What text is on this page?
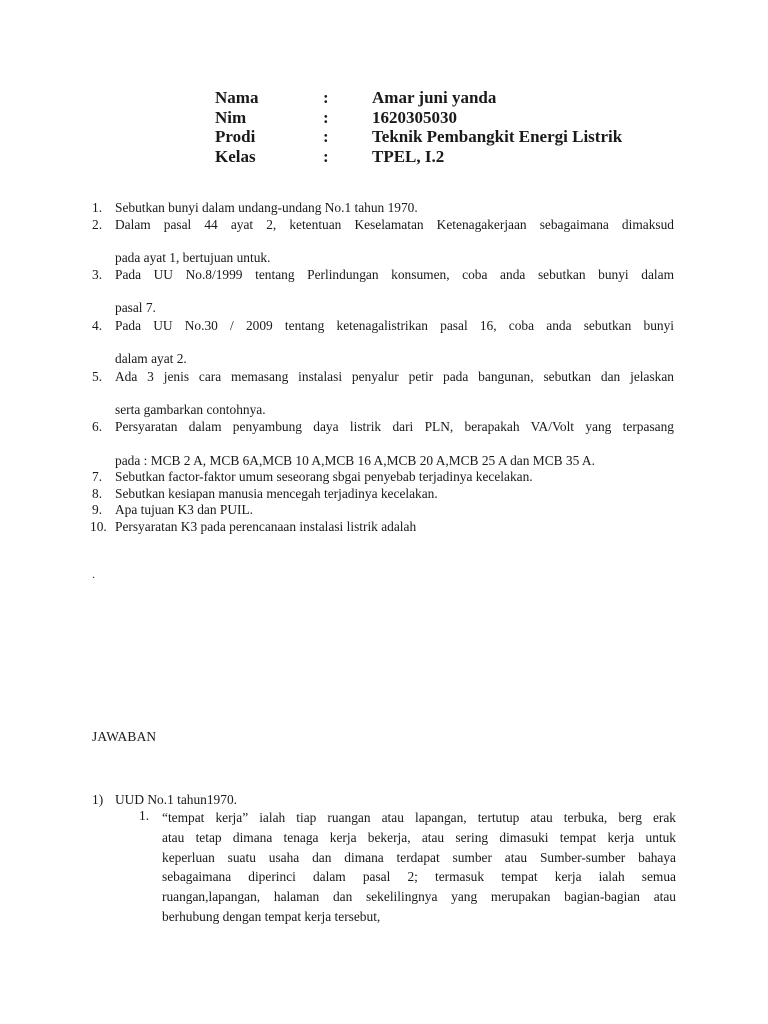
Nama	:	Amar juni yanda
Nim	:	1620305030
Prodi	:	Teknik Pembangkit Energi Listrik
Kelas	:	TPEL, I.2
1. Sebutkan bunyi dalam undang-undang No.1 tahun 1970.
2. Dalam pasal 44 ayat 2, ketentuan Keselamatan Ketenagakerjaan sebagaimana dimaksud
pada ayat 1, bertujuan untuk.
3. Pada UU No.8/1999 tentang Perlindungan konsumen, coba anda sebutkan bunyi dalam
pasal 7.
4. Pada UU No.30 / 2009 tentang ketenagalistrikan pasal 16, coba anda sebutkan bunyi
dalam ayat 2.
5. Ada 3 jenis cara memasang instalasi penyalur petir pada bangunan, sebutkan dan jelaskan
serta gambarkan contohnya.
6. Persyaratan dalam penyambung daya listrik dari PLN, berapakah VA/Volt yang terpasang
pada : MCB 2 A, MCB 6A,MCB 10 A,MCB 16 A,MCB 20 A,MCB 25 A dan MCB 35 A.
7. Sebutkan factor-faktor umum seseorang sbgai penyebab terjadinya kecelakan.
8. Sebutkan kesiapan manusia mencegah terjadinya kecelakan.
9. Apa tujuan K3 dan PUIL.
10. Persyaratan K3 pada perencanaan instalasi listrik adalah
.
JAWABAN
1) UUD No.1 tahun1970.
1. “tempat kerja” ialah tiap ruangan atau lapangan, tertutup atau terbuka, berg erak
atau tetap dimana tenaga kerja bekerja, atau sering dimasuki tempat kerja untuk
keperluan suatu usaha dan dimana terdapat sumber atau Sumber-sumber bahaya
sebagaimana diperinci dalam pasal 2; termasuk tempat kerja ialah semua
ruangan,lapangan, halaman dan sekelilingnya yang merupakan bagian-bagian atau
berhubung dengan tempat kerja tersebut,
